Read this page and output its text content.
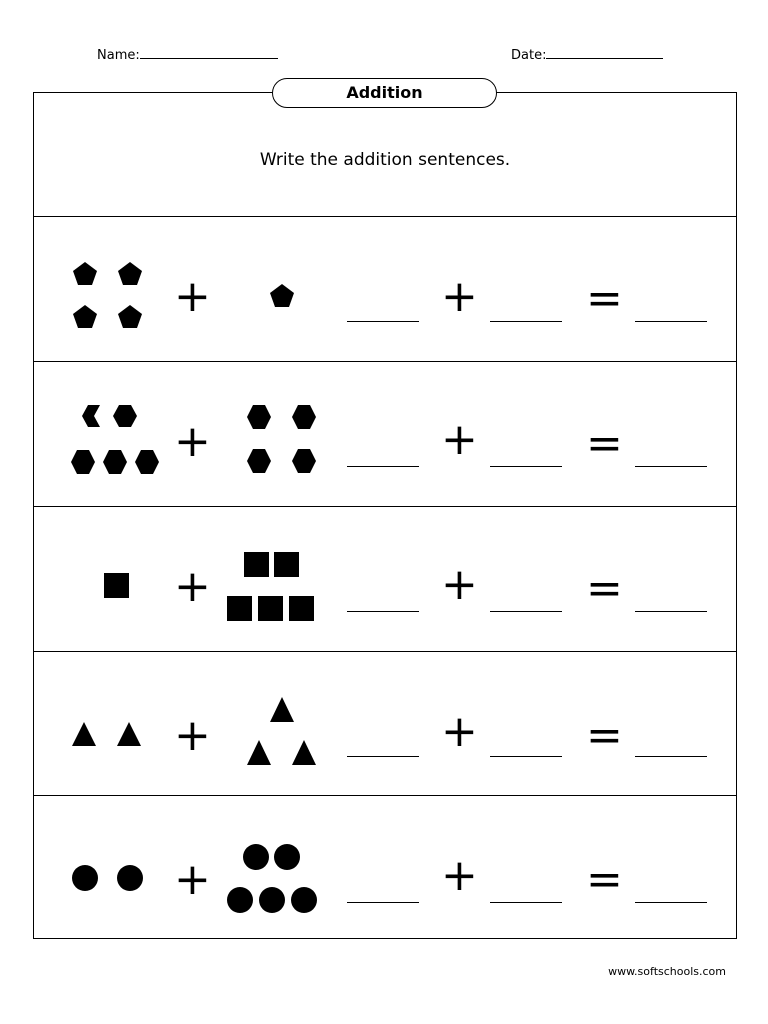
Name:	Date:
Addition
Write the addition sentences.
+	+ =
+	+ =
+	+ =
+	+ =
+	+ =
www.softschools.com
